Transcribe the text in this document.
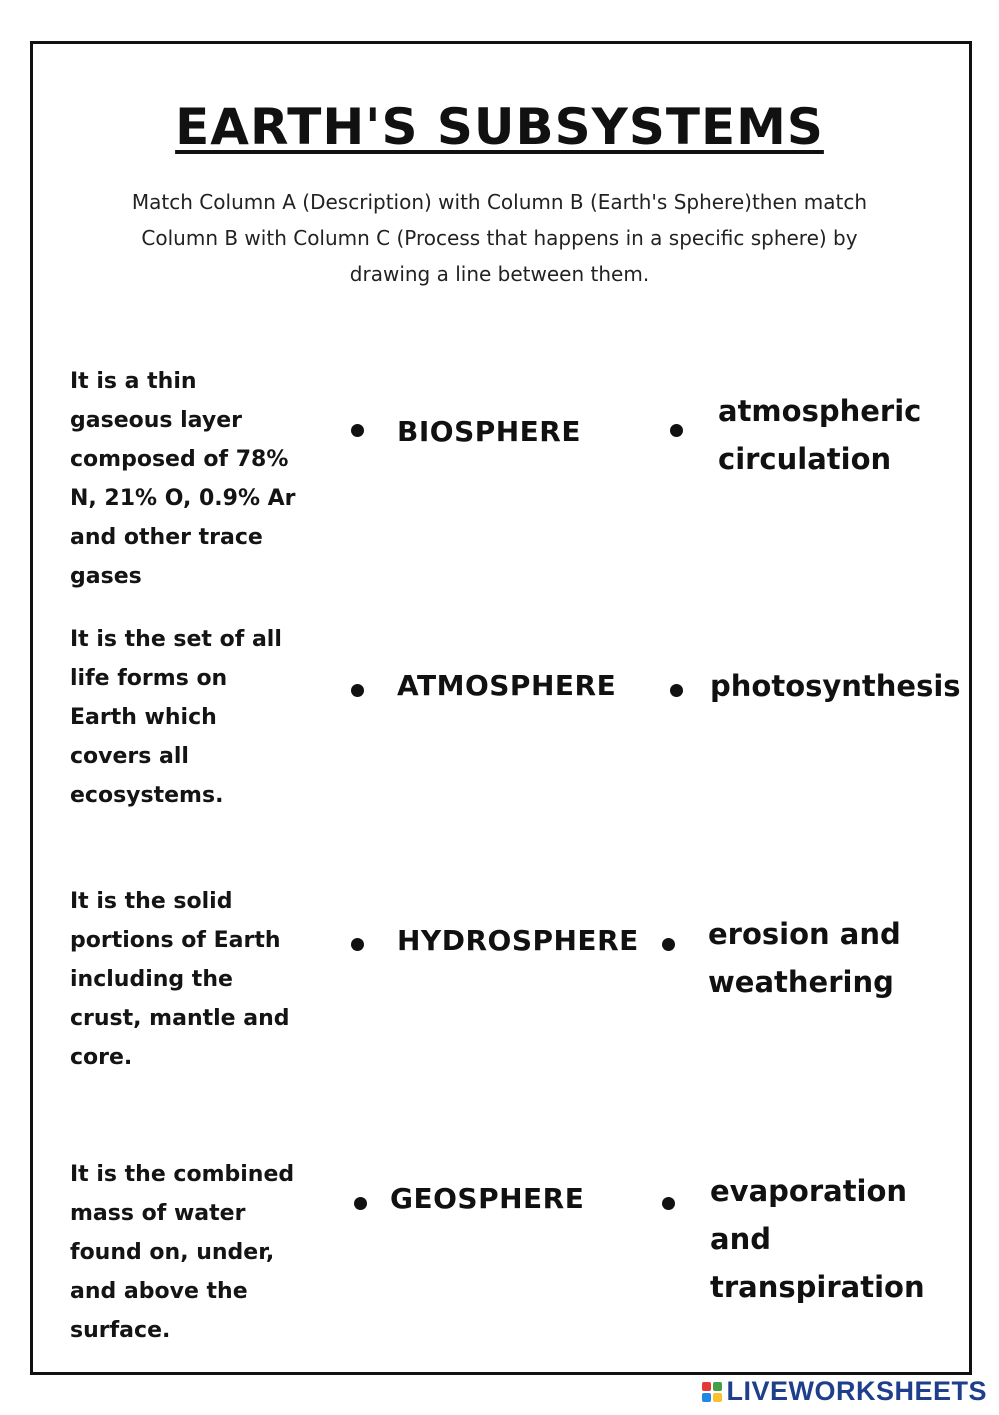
EARTH'S SUBSYSTEMS
Match Column A (Description) with Column B (Earth's Sphere)then match Column B with Column C (Process that happens in a specific sphere) by drawing a line between them.
It is a thin gaseous layer composed of 78% N, 21% O, 0.9% Ar and other trace gases
BIOSPHERE
atmospheric circulation
It is the set of all life forms on Earth which covers all ecosystems.
ATMOSPHERE	photosynthesis
It is the solid portions of Earth including the crust, mantle and core.
HYDROSPHERE erosion and weathering
It is the combined mass of water found on, under, and above the surface.
GEOSPHERE	evaporation and transpiration
LIVEWORKSHEETS
